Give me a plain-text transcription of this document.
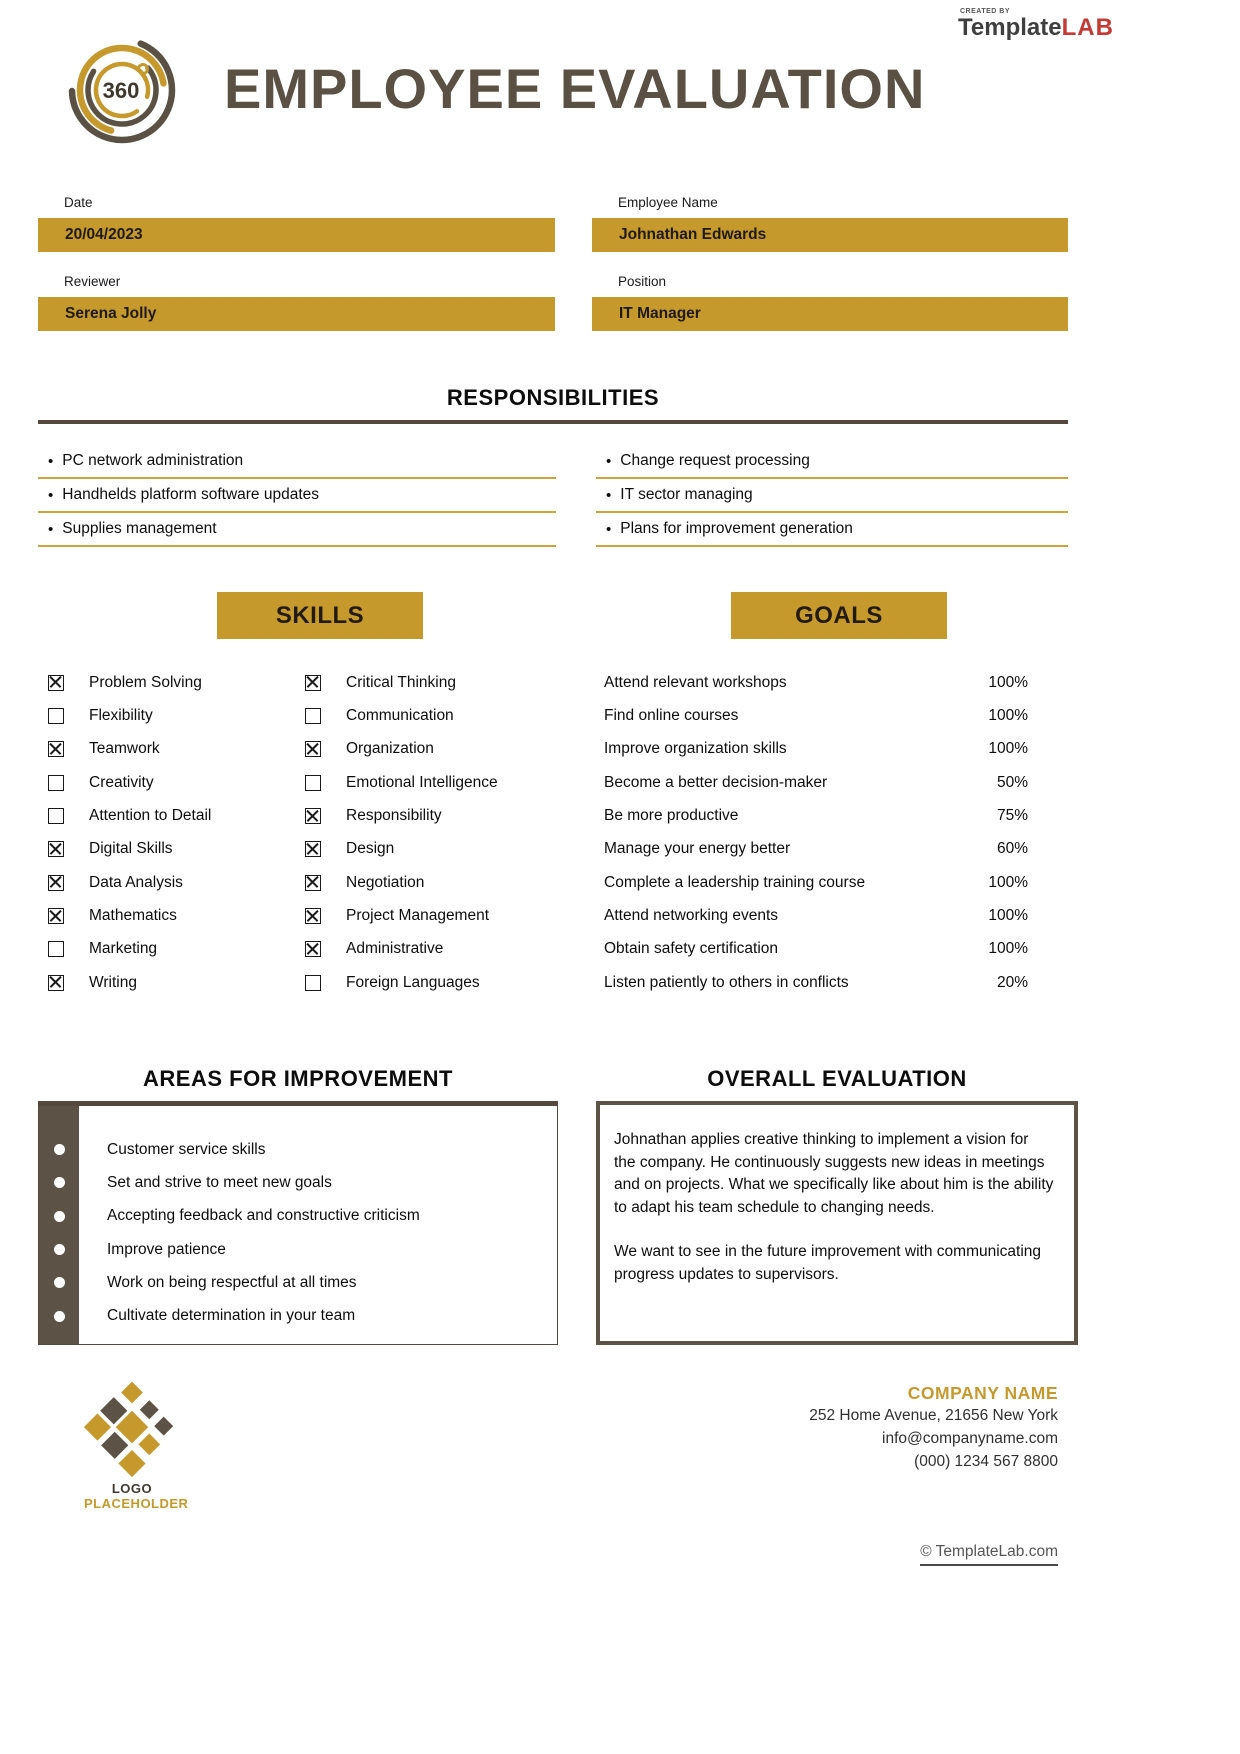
360 EMPLOYEE EVALUATION
CREATED BY
TemplateLAB
Date
20/04/2023
Employee Name
Johnathan Edwards
Reviewer
Serena Jolly
Position
IT Manager
RESPONSIBILITIES
• PC network administration
• Handhelds platform software updates
• Supplies management
• Change request processing
• IT sector managing
• Plans for improvement generation
SKILLS	GOALS
Problem Solving
Flexibility
Teamwork
Creativity
Attention to Detail
Digital Skills
Data Analysis
Mathematics
Marketing
Writing
Critical Thinking
Communication
Organization
Emotional Intelligence
Responsibility
Design
Negotiation
Project Management
Administrative
Foreign Languages
Attend relevant workshops	100%
Find online courses	100%
Improve organization skills	100%
Become a better decision-maker	50%
Be more productive	75%
Manage your energy better	60%
Complete a leadership training course	100%
Attend networking events	100%
Obtain safety certification	100%
Listen patiently to others in conflicts	20%
AREAS FOR IMPROVEMENT	OVERALL EVALUATION
Customer service skills
Set and strive to meet new goals
Accepting feedback and constructive criticism
Improve patience
Work on being respectful at all times
Cultivate determination in your team

Johnathan applies creative thinking to implement a vision for the company. He continuously suggests new ideas in meetings and on projects. What we specifically like about him is the ability to adapt his team schedule to changing needs.

We want to see in the future improvement with communicating progress updates to supervisors.

LOGO
PLACEHOLDER
COMPANY NAME
252 Home Avenue, 21656 New York
info@companyname.com
(000) 1234 567 8800
© TemplateLab.com
